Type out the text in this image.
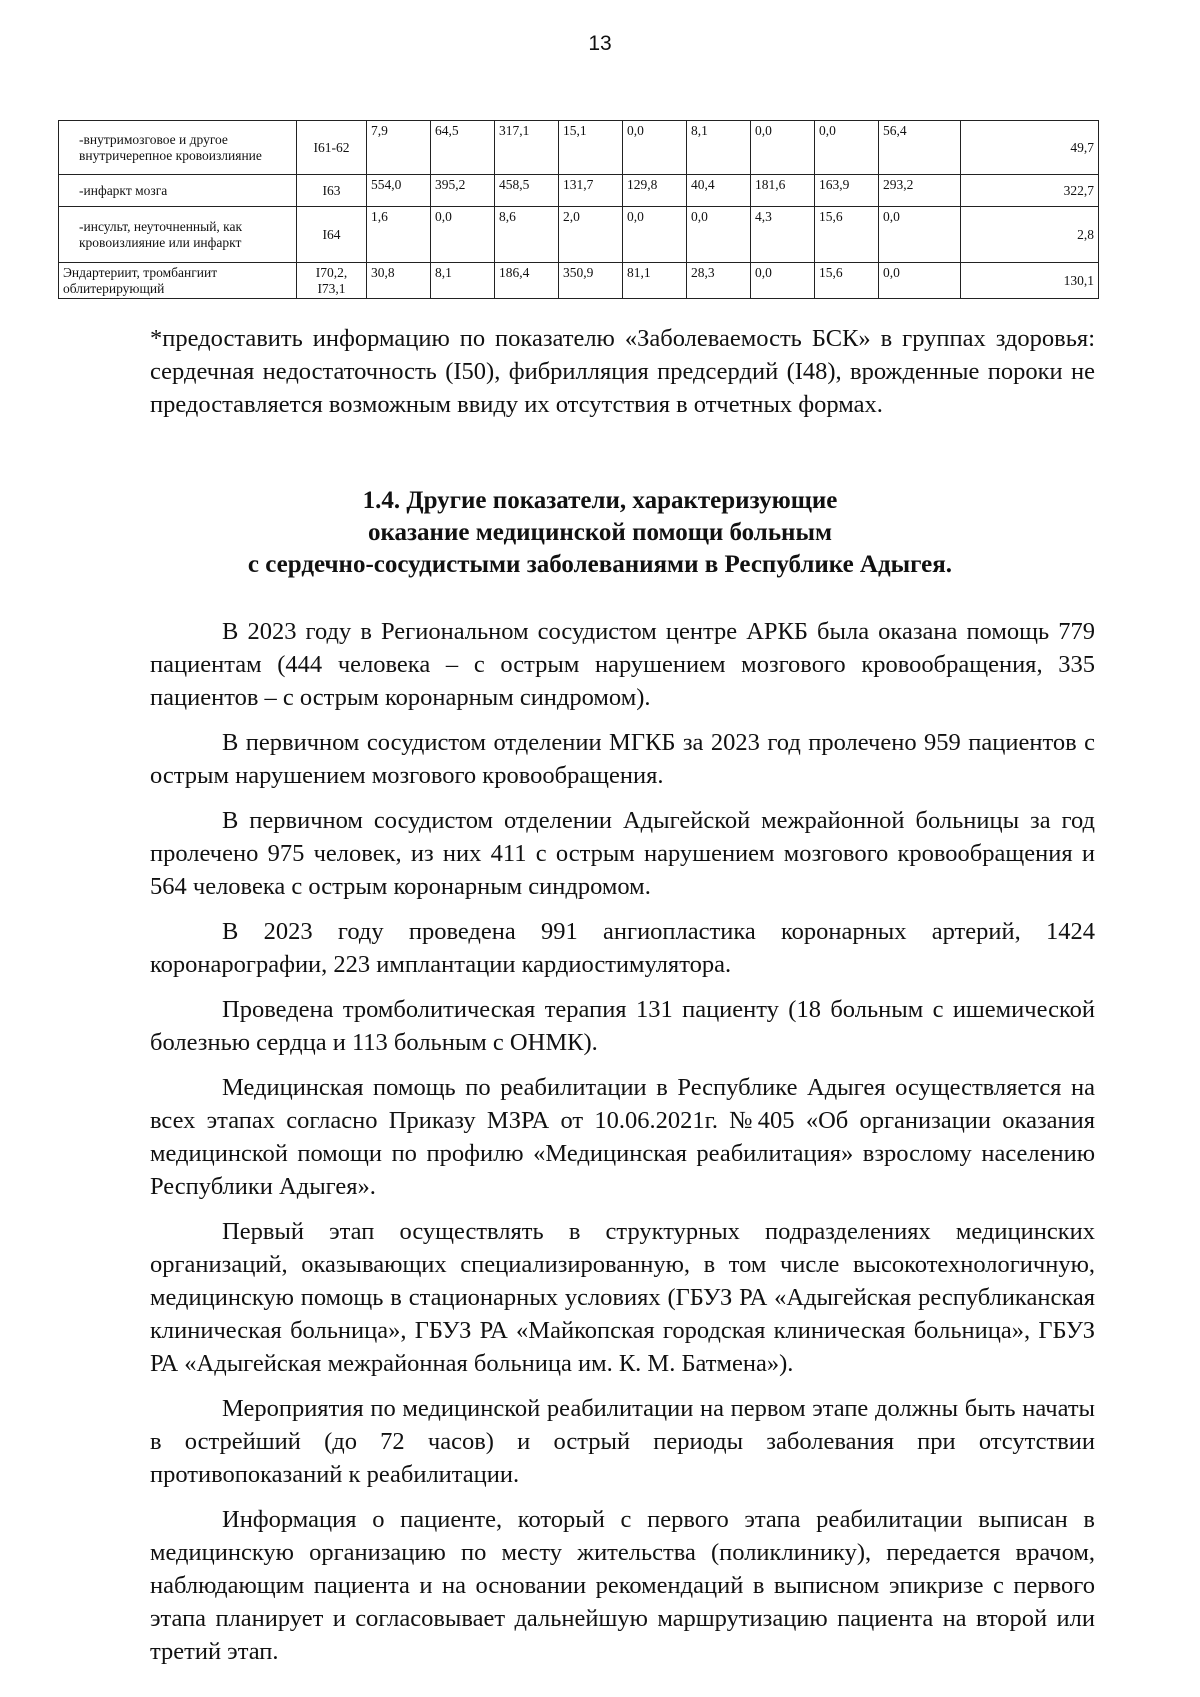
13
-внутримозговое и другое внутричерепное кровоизлияние	I61-62	7,9	64,5	317,1	15,1	0,0	8,1	0,0	0,0	56,4	49,7
-инфаркт мозга	I63	554,0	395,2	458,5	131,7	129,8	40,4	181,6	163,9	293,2	322,7
-инсульт, неуточненный, как кровоизлияние или инфаркт	I64	1,6	0,0	8,6	2,0	0,0	0,0	4,3	15,6	0,0	2,8
Эндартериит, тромбангиит облитерирующий	I70,2, I73,1	30,8	8,1	186,4	350,9	81,1	28,3	0,0	15,6	0,0	130,1

*предоставить информацию по показателю «Заболеваемость БСК» в группах здоровья: сердечная недостаточность (I50), фибрилляция предсердий (I48), врожденные пороки не предоставляется возможным ввиду их отсутствия в отчетных формах.

1.4. Другие показатели, характеризующие
оказание медицинской помощи больным
с сердечно-сосудистыми заболеваниями в Республике Адыгея.

В 2023 году в Региональном сосудистом центре АРКБ была оказана помощь 779 пациентам (444 человека – с острым нарушением мозгового кровообращения, 335 пациентов – с острым коронарным синдромом).

В первичном сосудистом отделении МГКБ за 2023 год пролечено 959 пациентов с острым нарушением мозгового кровообращения.

В первичном сосудистом отделении Адыгейской межрайонной больницы за год пролечено 975 человек, из них 411 с острым нарушением мозгового кровообращения и 564 человека с острым коронарным синдромом.

В 2023 году проведена 991 ангиопластика коронарных артерий, 1424 коронарографии, 223 имплантации кардиостимулятора.

Проведена тромболитическая терапия 131 пациенту (18 больным с ишемической болезнью сердца и 113 больным с ОНМК).

Медицинская помощь по реабилитации в Республике Адыгея осуществляется на всех этапах согласно Приказу МЗРА от 10.06.2021г. №405 «Об организации оказания медицинской помощи по профилю «Медицинская реабилитация» взрослому населению Республики Адыгея».

Первый этап осуществлять в структурных подразделениях медицинских организаций, оказывающих специализированную, в том числе высокотехнологичную, медицинскую помощь в стационарных условиях (ГБУЗ РА «Адыгейская республиканская клиническая больница», ГБУЗ РА «Майкопская городская клиническая больница», ГБУЗ РА «Адыгейская межрайонная больница им. К. М. Батмена»).

Мероприятия по медицинской реабилитации на первом этапе должны быть начаты в острейший (до 72 часов) и острый периоды заболевания при отсутствии противопоказаний к реабилитации.

Информация о пациенте, который с первого этапа реабилитации выписан в медицинскую организацию по месту жительства (поликлинику), передается врачом, наблюдающим пациента и на основании рекомендаций в выписном эпикризе с первого этапа планирует и согласовывает дальнейшую маршрутизацию пациента на второй или третий этап.
